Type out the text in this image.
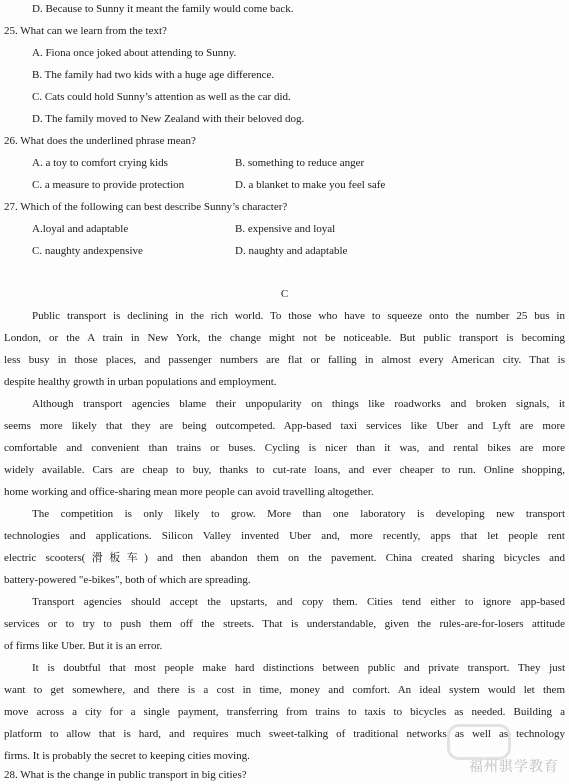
D. Because to Sunny it meant the family would come back.
25. What can we learn from the text?
A. Fiona once joked about attending to Sunny.
B. The family had two kids with a huge age difference.
C. Cats could hold Sunny’s attention as well as the car did.
D. The family moved to New Zealand with their beloved dog.
26. What does the underlined phrase mean?
A. a toy to comfort crying kids	B. something to reduce anger
C. a measure to provide protection	D. a blanket to make you feel safe
27. Which of the following can best describe Sunny’s character?
A.loyal and adaptable	B. expensive and loyal
C. naughty andexpensive	D. naughty and adaptable
C
Public transport is declining in the rich world. To those who have to squeeze onto the number 25 bus in
London, or the A train in New York, the change might not be noticeable. But public transport is becoming
less busy in those places, and passenger numbers are flat or falling in almost every American city. That is
despite healthy growth in urban populations and employment.
Although transport agencies blame their unpopularity on things like roadworks and broken signals, it
seems more likely that they are being outcompeted. App-based taxi services like Uber and Lyft are more
comfortable and convenient than trains or buses. Cycling is nicer than it was, and rental bikes are more
widely available. Cars are cheap to buy, thanks to cut-rate loans, and ever cheaper to run. Online shopping,
home working and office-sharing mean more people can avoid travelling altogether.
The competition is only likely to grow. More than one laboratory is developing new transport
technologies and applications. Silicon Valley invented Uber and, more recently, apps that let people rent
electric scooters(滑板车) and then abandon them on the pavement. China created sharing bicycles and
battery-powered "e-bikes", both of which are spreading.
Transport agencies should accept the upstarts, and copy them. Cities tend either to ignore app-based
services or to try to push them off the streets. That is understandable, given the rules-are-for-losers attitude
of firms like Uber. But it is an error.
It is doubtful that most people make hard distinctions between public and private transport. They just
want to get somewhere, and there is a cost in time, money and comfort. An ideal system would let them
move across a city for a single payment, transferring from trains to taxis to bicycles as needed. Building a
platform to allow that is hard, and requires much sweet-talking of traditional networks as well as technology
firms. It is probably the secret to keeping cities moving.
28. What is the change in public transport in big cities?	福州骐学教育
